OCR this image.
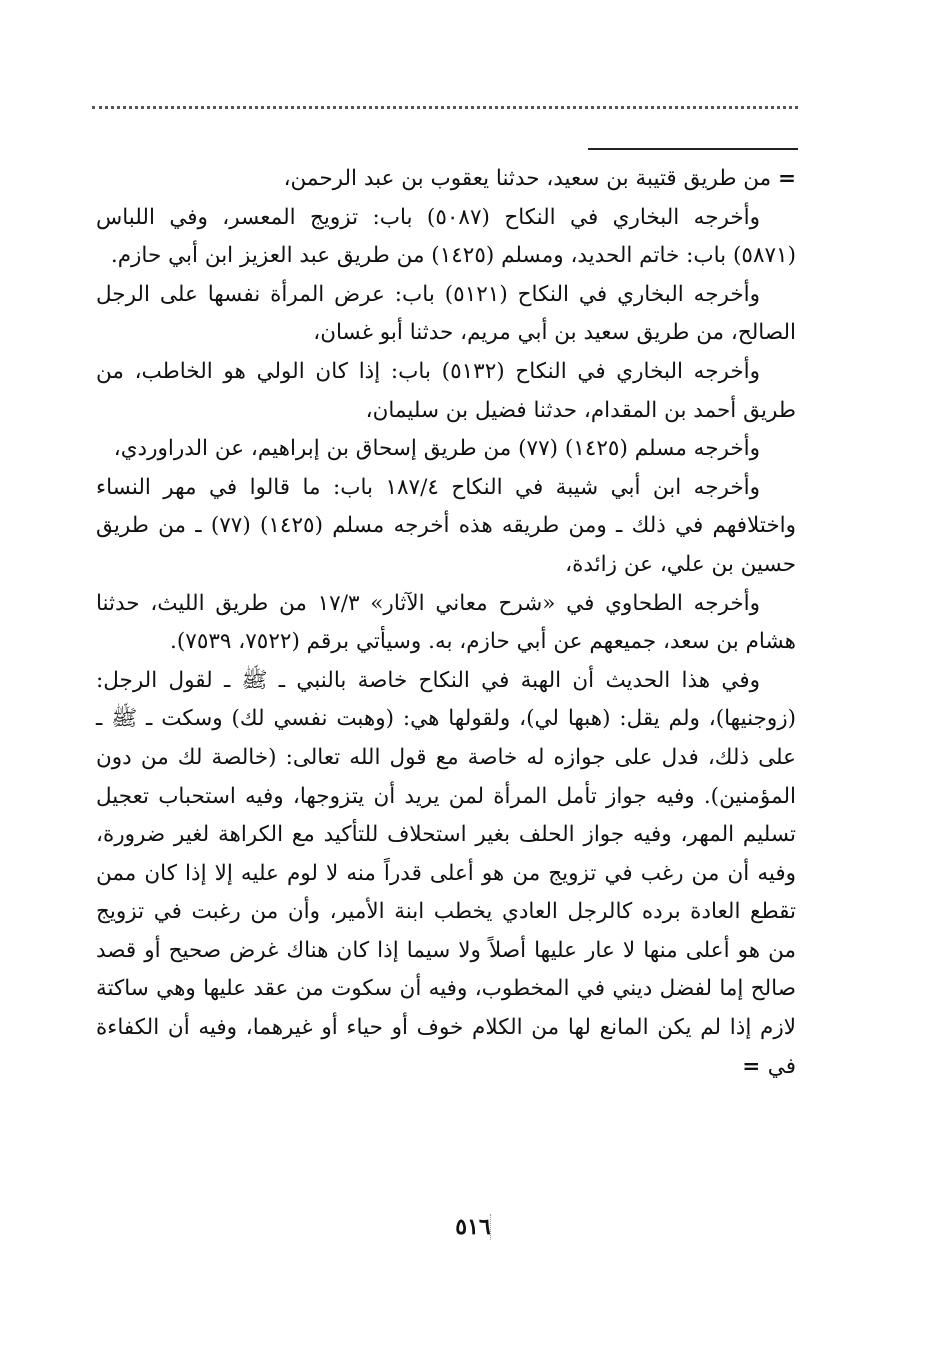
= من طريق قتيبة بن سعيد، حدثنا يعقوب بن عبد الرحمن،

وأخرجه البخاري في النكاح (٥٠٨٧) باب: تزويج المعسر، وفي اللباس (٥٨٧١) باب: خاتم الحديد، ومسلم (١٤٢٥) من طريق عبد العزيز ابن أبي حازم.

وأخرجه البخاري في النكاح (٥١٢١) باب: عرض المرأة نفسها على الرجل الصالح، من طريق سعيد بن أبي مريم، حدثنا أبو غسان،

وأخرجه البخاري في النكاح (٥١٣٢) باب: إذا كان الولي هو الخاطب، من طريق أحمد بن المقدام، حدثنا فضيل بن سليمان،

وأخرجه مسلم (١٤٢٥) (٧٧) من طريق إسحاق بن إبراهيم، عن الدراوردي،

وأخرجه ابن أبي شيبة في النكاح ١٨٧/٤ باب: ما قالوا في مهر النساء واختلافهم في ذلك ـ ومن طريقه هذه أخرجه مسلم (١٤٢٥) (٧٧) ـ من طريق حسين بن علي، عن زائدة،

وأخرجه الطحاوي في «شرح معاني الآثار» ١٧/٣ من طريق الليث، حدثنا هشام بن سعد، جميعهم عن أبي حازم، به. وسيأتي برقم (٧٥٢٢، ٧٥٣٩).

وفي هذا الحديث أن الهبة في النكاح خاصة بالنبي ـ ﷺ ـ لقول الرجل: (زوجنيها)، ولم يقل: (هبها لي)، ولقولها هي: (وهبت نفسي لك) وسكت ـ ﷺ ـ على ذلك، فدل على جوازه له خاصة مع قول الله تعالى: (خالصة لك من دون المؤمنين). وفيه جواز تأمل المرأة لمن يريد أن يتزوجها، وفيه استحباب تعجيل تسليم المهر، وفيه جواز الحلف بغير استحلاف للتأكيد مع الكراهة لغير ضرورة، وفيه أن من رغب في تزويج من هو أعلى قدراً منه لا لوم عليه إلا إذا كان ممن تقطع العادة برده كالرجل العادي يخطب ابنة الأمير، وأن من رغبت في تزويج من هو أعلى منها لا عار عليها أصلاً ولا سيما إذا كان هناك غرض صحيح أو قصد صالح إما لفضل ديني في المخطوب، وفيه أن سكوت من عقد عليها وهي ساكتة لازم إذا لم يكن المانع لها من الكلام خوف أو حياء أو غيرهما، وفيه أن الكفاءة في =

٥١٦
